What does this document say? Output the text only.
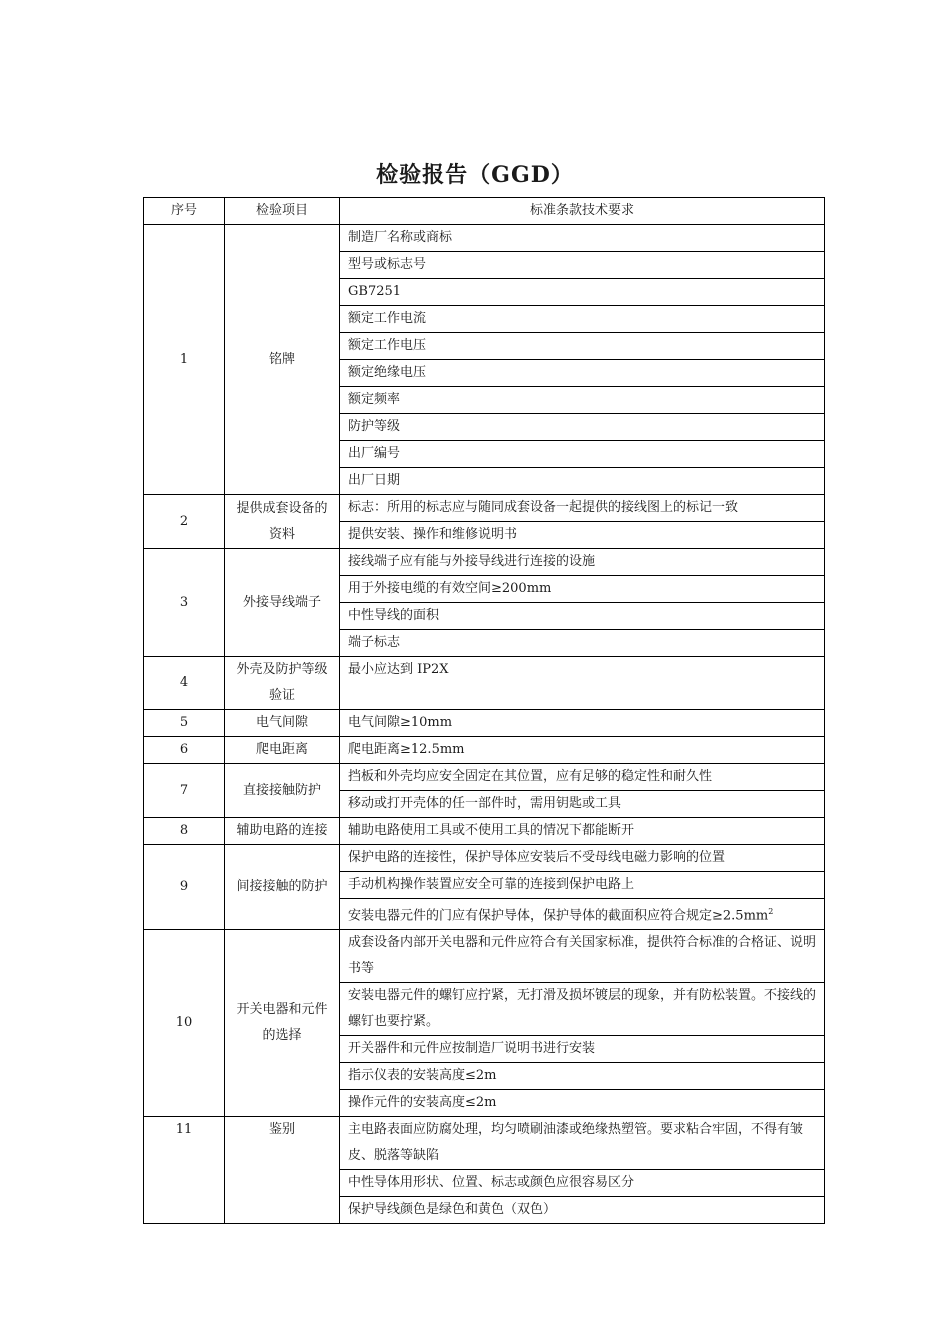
检验报告（GGD）
序号	检验项目	标准条款技术要求
1	铭牌	制造厂名称或商标
		型号或标志号
		GB7251
		额定工作电流
		额定工作电压
		额定绝缘电压
		额定频率
		防护等级
		出厂编号
		出厂日期
2	提供成套设备的资料	标志：所用的标志应与随同成套设备一起提供的接线图上的标记一致
		提供安装、操作和维修说明书
3	外接导线端子	接线端子应有能与外接导线进行连接的设施
		用于外接电缆的有效空间≥200mm
		中性导线的面积
		端子标志
4	外壳及防护等级验证	最小应达到 IP2X
5	电气间隙	电气间隙≥10mm
6	爬电距离	爬电距离≥12.5mm
7	直接接触防护	挡板和外壳均应安全固定在其位置，应有足够的稳定性和耐久性
		移动或打开壳体的任一部件时，需用钥匙或工具
8	辅助电路的连接	辅助电路使用工具或不使用工具的情况下都能断开
9	间接接触的防护	保护电路的连接性，保护导体应安装后不受母线电磁力影响的位置
		手动机构操作装置应安全可靠的连接到保护电路上
		安装电器元件的门应有保护导体，保护导体的截面积应符合规定$\ge 2.5mm^2$
10	开关电器和元件的选择	成套设备内部开关电器和元件应符合有关国家标准，提供符合标准的合格证、说明书等
		安装电器元件的螺钉应拧紧，无打滑及损坏镀层的现象，并有防松装置。不接线的螺钉也要拧紧。
		开关器件和元件应按制造厂说明书进行安装
		指示仪表的安装高度≤2m
		操作元件的安装高度≤2m
11	鉴别	主电路表面应防腐处理，均匀喷刷油漆或绝缘热塑管。要求粘合牢固，不得有皱皮、脱落等缺陷
		中性导体用形状、位置、标志或颜色应很容易区分
		保护导线颜色是绿色和黄色（双色）
